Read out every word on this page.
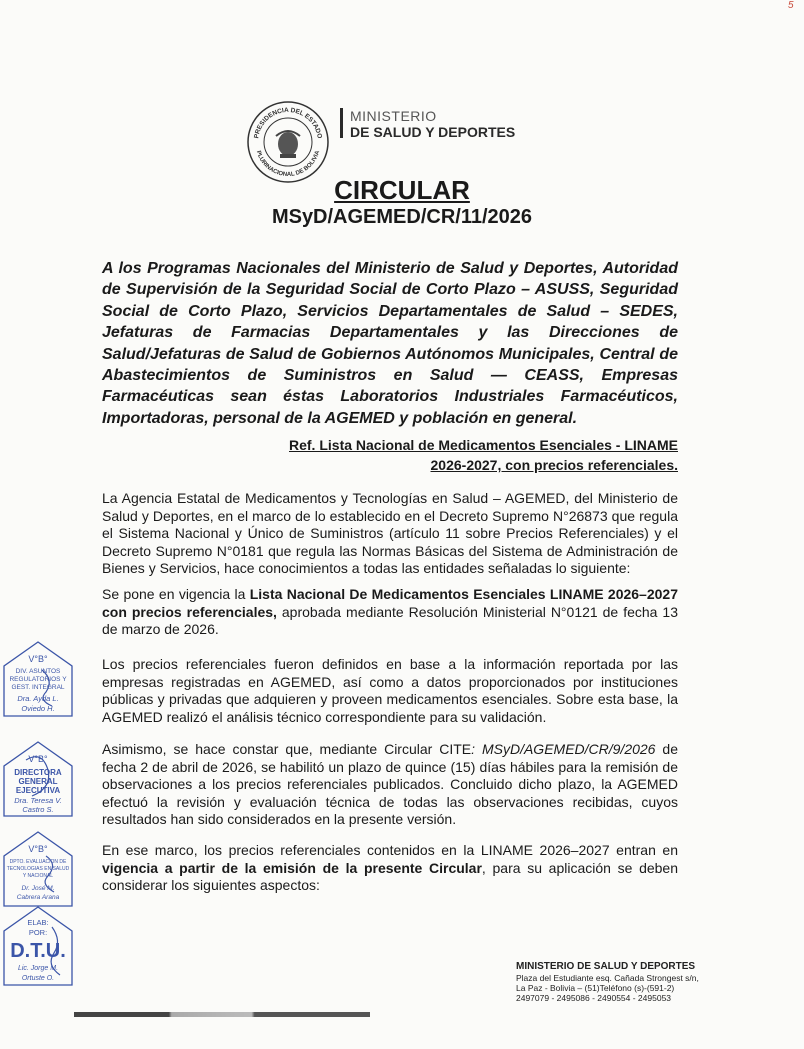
5
PRESIDENCIA DEL ESTADO
PLURINACIONAL DE BOLIVIA
MINISTERIO
DE SALUD Y DEPORTES
CIRCULAR
MSyD/AGEMED/CR/11/2026
A los Programas Nacionales del Ministerio de Salud y Deportes, Autoridad de Supervisión de la Seguridad Social de Corto Plazo – ASUSS, Seguridad Social de Corto Plazo, Servicios Departamentales de Salud – SEDES, Jefaturas de Farmacias Departamentales y las Direcciones de Salud/Jefaturas de Salud de Gobiernos Autónomos Municipales, Central de Abastecimientos de Suministros en Salud — CEASS, Empresas Farmacéuticas sean éstas Laboratorios Industriales Farmacéuticos, Importadoras, personal de la AGEMED y población en general.
Ref. Lista Nacional de Medicamentos Esenciales - LINAME
2026-2027, con precios referenciales.
La Agencia Estatal de Medicamentos y Tecnologías en Salud – AGEMED, del Ministerio de Salud y Deportes, en el marco de lo establecido en el Decreto Supremo N°26873 que regula el Sistema Nacional y Único de Suministros (artículo 11 sobre Precios Referenciales) y el Decreto Supremo N°0181 que regula las Normas Básicas del Sistema de Administración de Bienes y Servicios, hace conocimientos a todas las entidades señaladas lo siguiente:
Se pone en vigencia la Lista Nacional De Medicamentos Esenciales LINAME 2026–2027 con precios referenciales, aprobada mediante Resolución Ministerial N°0121 de fecha 13 de marzo de 2026.
Los precios referenciales fueron definidos en base a la información reportada por las empresas registradas en AGEMED, así como a datos proporcionados por instituciones públicas y privadas que adquieren y proveen medicamentos esenciales. Sobre esta base, la AGEMED realizó el análisis técnico correspondiente para su validación.
Asimismo, se hace constar que, mediante Circular CITE: MSyD/AGEMED/CR/9/2026 de fecha 2 de abril de 2026, se habilitó un plazo de quince (15) días hábiles para la remisión de observaciones a los precios referenciales publicados. Concluido dicho plazo, la AGEMED efectuó la revisión y evaluación técnica de todas las observaciones recibidas, cuyos resultados han sido considerados en la presente versión.
En ese marco, los precios referenciales contenidos en la LINAME 2026–2027 entran en vigencia a partir de la emisión de la presente Circular, para su aplicación se deben considerar los siguientes aspectos:
V°B°
DIV. ASUNTOS
REGULATORIOS Y
GEST. INTEGRAL
Dra. Ayda L.
Oviedo H.
V°B°
DIRECTORA
GENERAL
EJECUTIVA
Dra. Teresa V.
Castro S.
V°B°
DPTO. EVALUACION DE
TECNOLOGIAS EN SALUD
Y NACIONAL
Dr. José M.
Cabrera Arana
ELAB:
POR:
D.T.U.
Lic. Jorge M.
Ortuste O.
MINISTERIO DE SALUD Y DEPORTES
Plaza del Estudiante esq. Cañada Strongest s/n,
La Paz - Bolivia – (51)Teléfono (s)-(591-2)
2497079 - 2495086 - 2490554 - 2495053
